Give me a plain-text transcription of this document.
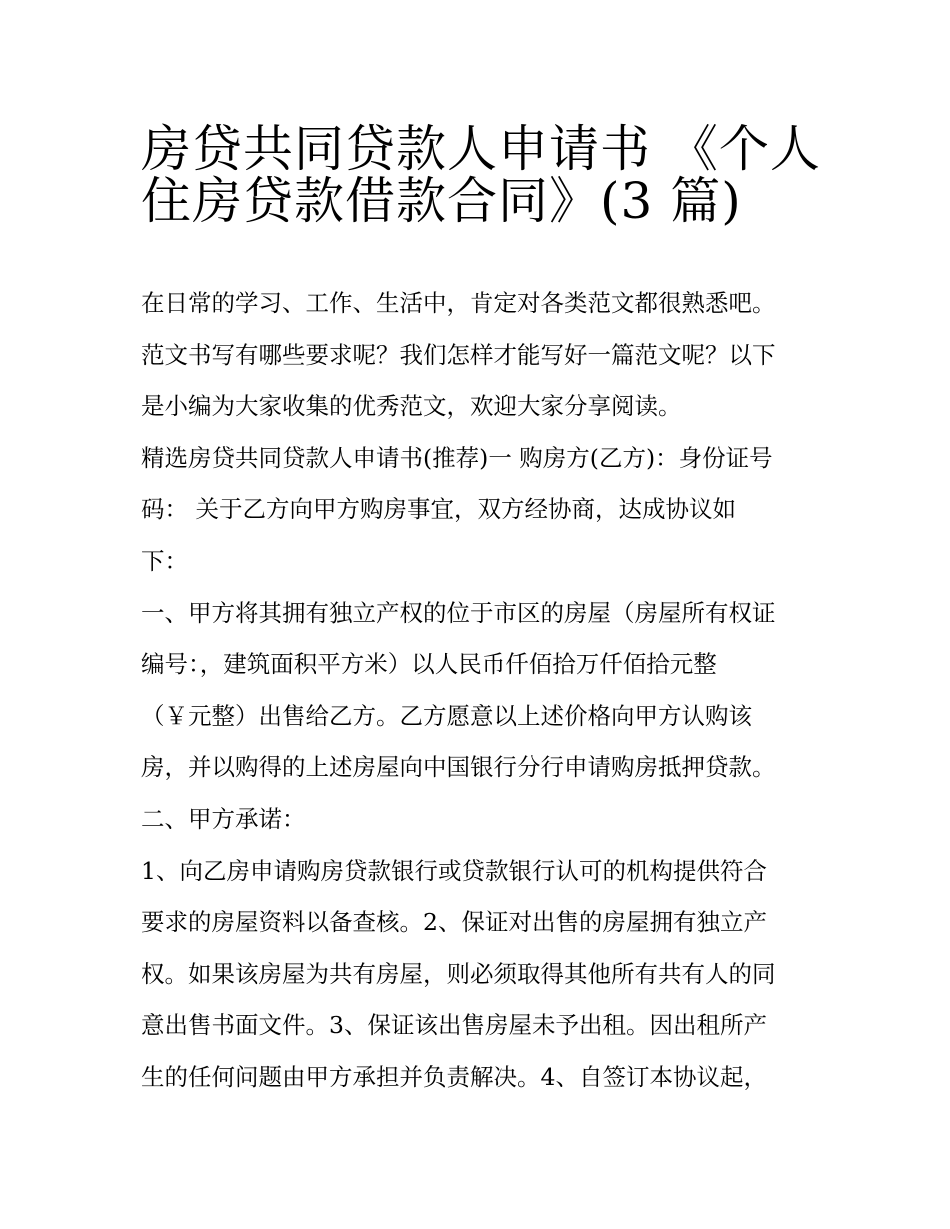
房贷共同贷款人申请书 《个人
住房贷款借款合同》(3 篇)
在日常的学习、工作、生活中，肯定对各类范文都很熟悉吧。
范文书写有哪些要求呢？我们怎样才能写好一篇范文呢？以下
是小编为大家收集的优秀范文，欢迎大家分享阅读。
精选房贷共同贷款人申请书(推荐)一 购房方(乙方)：身份证号
码： 关于乙方向甲方购房事宜，双方经协商，达成协议如
下：
一、甲方将其拥有独立产权的位于市区的房屋（房屋所有权证
编号：，建筑面积平方米）以人民币仟佰拾万仟佰拾元整
（￥元整）出售给乙方。乙方愿意以上述价格向甲方认购该
房，并以购得的上述房屋向中国银行分行申请购房抵押贷款。
二、甲方承诺：
1、向乙房申请购房贷款银行或贷款银行认可的机构提供符合
要求的房屋资料以备查核。2、保证对出售的房屋拥有独立产
权。如果该房屋为共有房屋，则必须取得其他所有共有人的同
意出售书面文件。3、保证该出售房屋未予出租。因出租所产
生的任何问题由甲方承担并负责解决。4、自签订本协议起，
